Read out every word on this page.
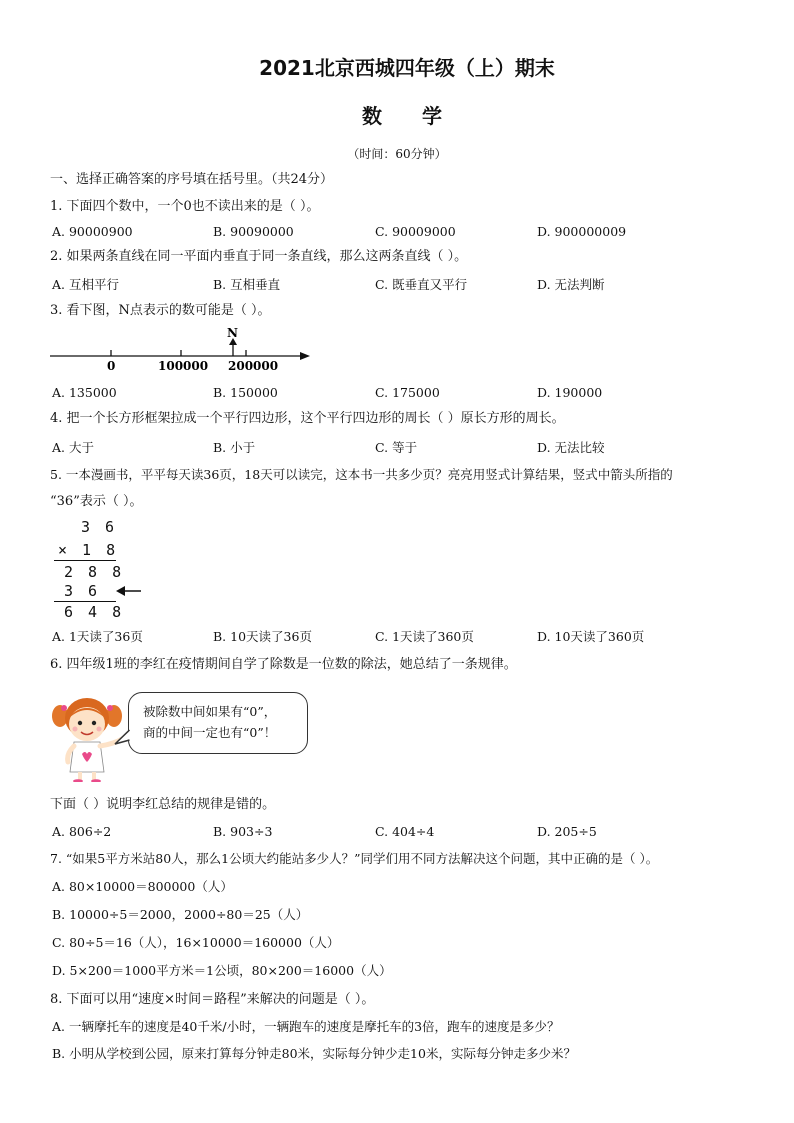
2021北京西城四年级（上）期末
数学
（时间：60分钟）
一、选择正确答案的序号填在括号里。（共24分）
1. 下面四个数中，一个0也不读出来的是（ ）。
A. 90000900	B. 90090000	C. 90009000	D. 900000009
2. 如果两条直线在同一平面内垂直于同一条直线，那么这两条直线（ ）。
A. 互相平行	B. 互相垂直	C. 既垂直又平行	D. 无法判断
3. 看下图，N点表示的数可能是（ ）。
N
0	100000 200000
A. 135000	B. 150000	C. 175000	D. 190000
4. 把一个长方形框架拉成一个平行四边形，这个平行四边形的周长（ ）原长方形的周长。
A. 大于	B. 小于	C. 等于	D. 无法比较
5. 一本漫画书，平平每天读36页，18天可以读完，这本书一共多少页？亮亮用竖式计算结果，竖式中箭头所指的
“36”表示（ ）。
3 6
× 1 8
2 8 8
3 6
6 4 8
A. 1天读了36页	B. 10天读了36页	C. 1天读了360页	D. 10天读了360页
6. 四年级1班的李红在疫情期间自学了除数是一位数的除法，她总结了一条规律。
被除数中间如果有“0”，
商的中间一定也有“0”！
下面（ ）说明李红总结的规律是错的。
A. 806÷2	B. 903÷3	C. 404÷4	D. 205÷5
7. “如果5平方米站80人，那么1公顷大约能站多少人？”同学们用不同方法解决这个问题，其中正确的是（ ）。
A. 80×10000＝800000（人）
B. 10000÷5＝2000，2000÷80＝25（人）
C. 80÷5＝16（人），16×10000＝160000（人）
D. 5×200＝1000平方米＝1公顷，80×200＝16000（人）
8. 下面可以用“速度×时间＝路程”来解决的问题是（ ）。
A. 一辆摩托车的速度是40千米/小时，一辆跑车的速度是摩托车的3倍，跑车的速度是多少？
B. 小明从学校到公园，原来打算每分钟走80米，实际每分钟少走10米，实际每分钟走多少米？
